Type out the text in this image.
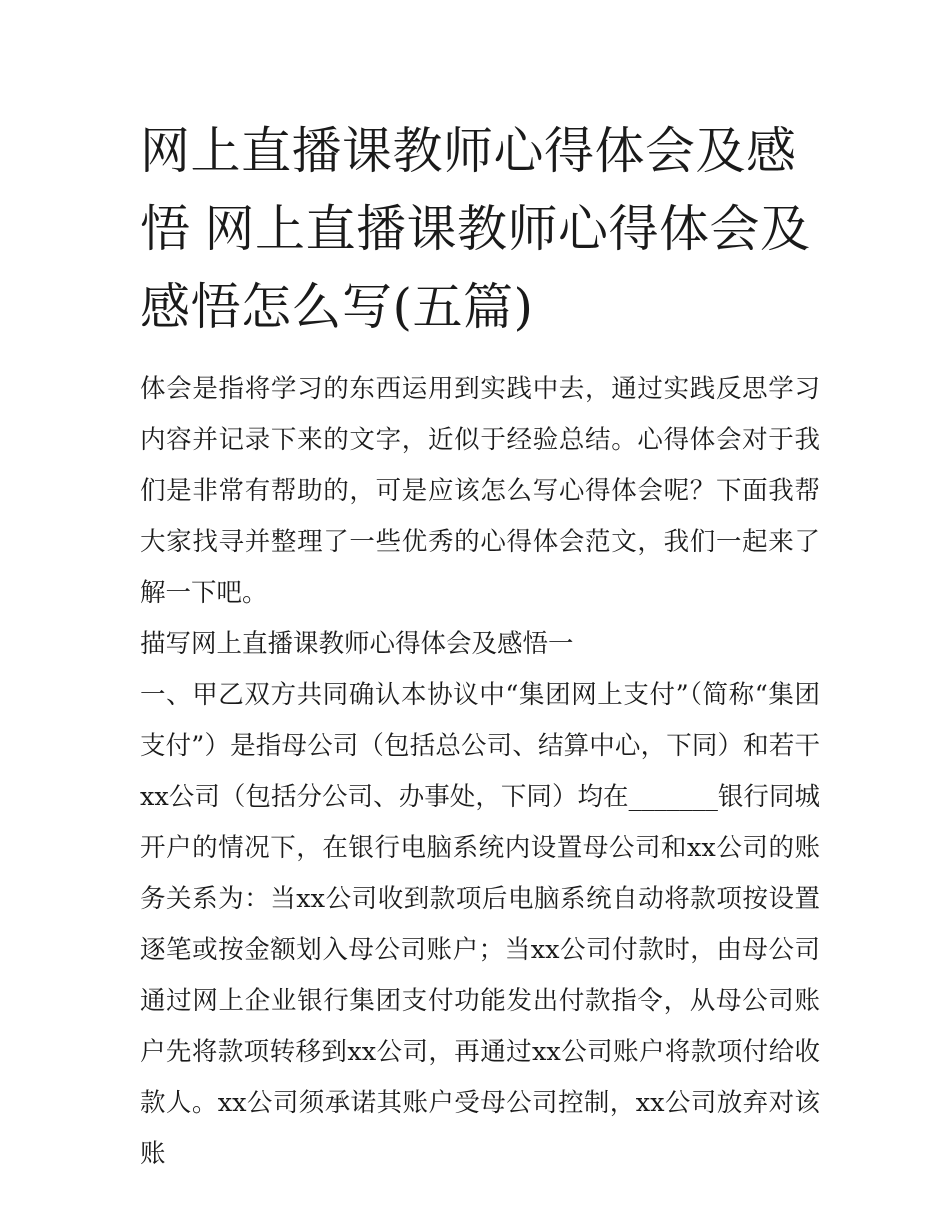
网上直播课教师心得体会及感悟 网上直播课教师心得体会及感悟怎么写(五篇)

体会是指将学习的东西运用到实践中去，通过实践反思学习内容并记录下来的文字，近似于经验总结。心得体会对于我们是非常有帮助的，可是应该怎么写心得体会呢？下面我帮大家找寻并整理了一些优秀的心得体会范文，我们一起来了解一下吧。

描写网上直播课教师心得体会及感悟一

一、甲乙双方共同确认本协议中“集团网上支付”（简称“集团支付”）是指母公司（包括总公司、结算中心，下同）和若干xx公司（包括分公司、办事处，下同）均在_______银行同城开户的情况下，在银行电脑系统内设置母公司和xx公司的账务关系为：当xx公司收到款项后电脑系统自动将款项按设置逐笔或按金额划入母公司账户；当xx公司付款时，由母公司通过网上企业银行集团支付功能发出付款指令，从母公司账户先将款项转移到xx公司，再通过xx公司账户将款项付给收款人。xx公司须承诺其账户受母公司控制，xx公司放弃对该账
